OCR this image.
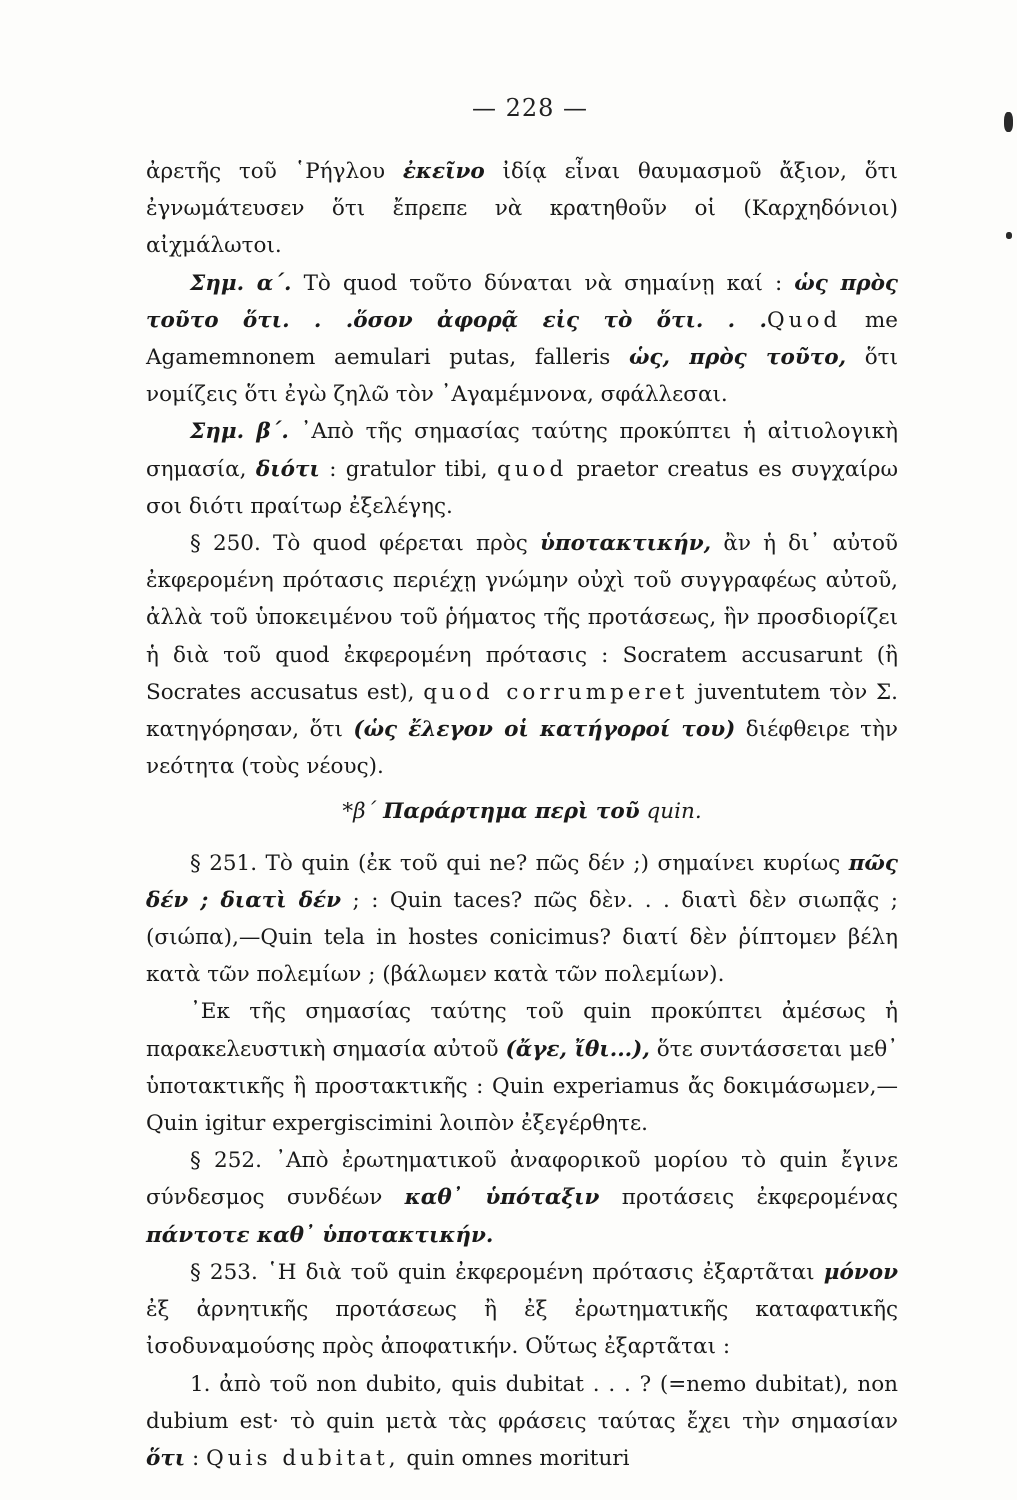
— 228 —

ἀρετῆς τοῦ ῾Ρήγλου ἐκεῖνο ἰδίᾳ εἶναι θαυμασμοῦ ἄξιον, ὅτι ἐγνωμάτευσεν ὅτι ἔπρεπε νὰ κρατηθοῦν οἱ (Καρχηδόνιοι) αἰχμάλωτοι.

Σημ. α΄. Τὸ quod τοῦτο δύναται νὰ σημαίνῃ καί : ὡς πρὸς τοῦτο ὅτι. . .ὅσον ἀφορᾷ εἰς τὸ ὅτι. . .Quod me Agamemnonem aemulari putas, falleris ὡς, πρὸς τοῦτο, ὅτι νομίζεις ὅτι ἐγὼ ζηλῶ τὸν ᾿Αγαμέμνονα, σφάλλεσαι.

Σημ. β΄. ᾿Απὸ τῆς σημασίας ταύτης προκύπτει ἡ αἰτιολογικὴ σημασία, διότι : gratulor tibi, quod praetor creatus es συγχαίρω σοι διότι πραίτωρ ἐξελέγης.

§ 250. Τὸ quod φέρεται πρὸς ὑποτακτικήν, ἂν ἡ δι᾿ αὐτοῦ ἐκφερομένη πρότασις περιέχῃ γνώμην οὐχὶ τοῦ συγγραφέως αὐτοῦ, ἀλλὰ τοῦ ὑποκειμένου τοῦ ῥήματος τῆς προτάσεως, ἣν προσδιορίζει ἡ διὰ τοῦ quod ἐκφερομένη πρότασις : Socratem accusarunt (ἢ Socrates accusatus est), quod corrumperet juventutem τὸν Σ. κατηγόρησαν, ὅτι (ὡς ἔλεγον οἱ κατήγοροί του) διέφθειρε τὴν νεότητα (τοὺς νέους).

*β΄ Παράρτημα περὶ τοῦ quin.

§ 251. Τὸ quin (ἐκ τοῦ qui ne? πῶς δέν ;) σημαίνει κυρίως πῶς δέν ; διατὶ δέν ; : Quin taces? πῶς δὲν. . . διατὶ δὲν σιωπᾷς ; (σιώπα),—Quin tela in hostes conicimus? διατί δὲν ῥίπτομεν βέλη κατὰ τῶν πολεμίων ; (βάλωμεν κατὰ τῶν πολεμίων).

᾿Εκ τῆς σημασίας ταύτης τοῦ quin προκύπτει ἀμέσως ἡ παρακελευστικὴ σημασία αὐτοῦ (ἄγε, ἴθι...), ὅτε συντάσσεται μεθ᾿ ὑποτακτικῆς ἢ προστακτικῆς : Quin experiamus ἄς δοκιμάσωμεν,—Quin igitur expergiscimini λοιπὸν ἐξεγέρθητε.

§ 252. ᾿Απὸ ἐρωτηματικοῦ ἀναφορικοῦ μορίου τὸ quin ἔγινε σύνδεσμος συνδέων καθ᾿ ὑπόταξιν προτάσεις ἐκφερομένας πάντοτε καθ᾿ ὑποτακτικήν.

§ 253. ῾Η διὰ τοῦ quin ἐκφερομένη πρότασις ἐξαρτᾶται μόνον ἐξ ἀρνητικῆς προτάσεως ἢ ἐξ ἐρωτηματικῆς καταφατικῆς ἰσοδυναμούσης πρὸς ἀποφατικήν. Οὕτως ἐξαρτᾶται :

1. ἀπὸ τοῦ non dubito, quis dubitat . . . ? (=nemo dubitat), non dubium est· τὸ quin μετὰ τὰς φράσεις ταύτας ἔχει τὴν σημασίαν ὅτι : Quis dubitat, quin omnes morituri
